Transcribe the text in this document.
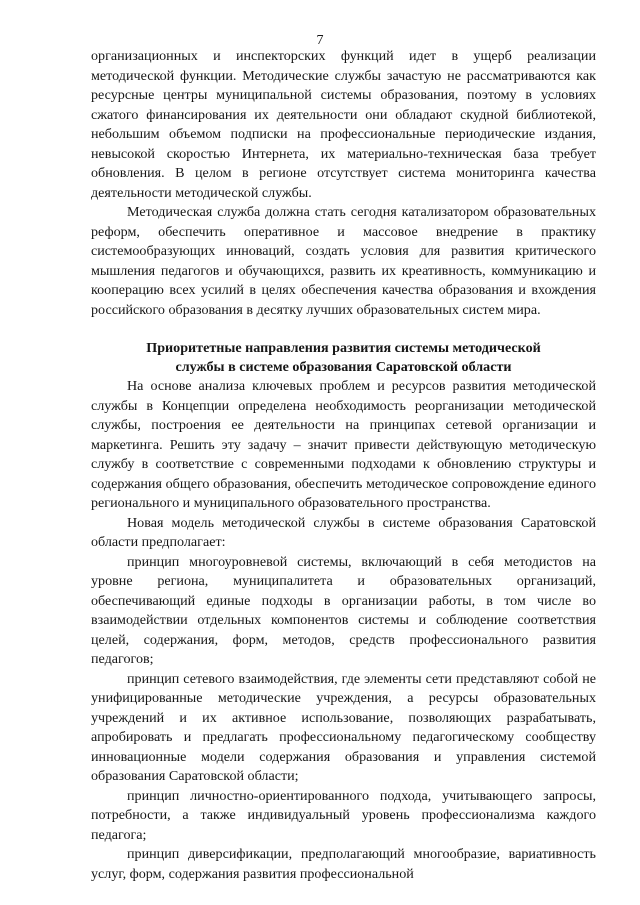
7

организационных и инспекторских функций идет в ущерб реализации методической функции. Методические службы зачастую не рассматриваются как ресурсные центры муниципальной системы образования, поэтому в условиях сжатого финансирования их деятельности они обладают скудной библиотекой, небольшим объемом подписки на профессиональные периодические издания, невысокой скоростью Интернета, их материально-техническая база требует обновления. В целом в регионе отсутствует система мониторинга качества деятельности методической службы.

Методическая служба должна стать сегодня катализатором образовательных реформ, обеспечить оперативное и массовое внедрение в практику системообразующих инноваций, создать условия для развития критического мышления педагогов и обучающихся, развить их креативность, коммуникацию и кооперацию всех усилий в целях обеспечения качества образования и вхождения российского образования в десятку лучших образовательных систем мира.

Приоритетные направления развития системы методической

службы в системе образования Саратовской области

На основе анализа ключевых проблем и ресурсов развития методической службы в Концепции определена необходимость реорганизации методической службы, построения ее деятельности на принципах сетевой организации и маркетинга. Решить эту задачу – значит привести действующую методическую службу в соответствие с современными подходами к обновлению структуры и содержания общего образования, обеспечить методическое сопровождение единого регионального и муниципального образовательного пространства.

Новая модель методической службы в системе образования Саратовской области предполагает:

принцип многоуровневой системы, включающий в себя методистов на уровне региона, муниципалитета и образовательных организаций, обеспечивающий единые подходы в организации работы, в том числе во взаимодействии отдельных компонентов системы и соблюдение соответствия целей, содержания, форм, методов, средств профессионального развития педагогов;

принцип сетевого взаимодействия, где элементы сети представляют собой не унифицированные методические учреждения, а ресурсы образовательных учреждений и их активное использование, позволяющих разрабатывать, апробировать и предлагать профессиональному педагогическому сообществу инновационные модели содержания образования и управления системой образования Саратовской области;

принцип личностно-ориентированного подхода, учитывающего запросы, потребности, а также индивидуальный уровень профессионализма каждого педагога;

принцип диверсификации, предполагающий многообразие, вариативность услуг, форм, содержания развития профессиональной
